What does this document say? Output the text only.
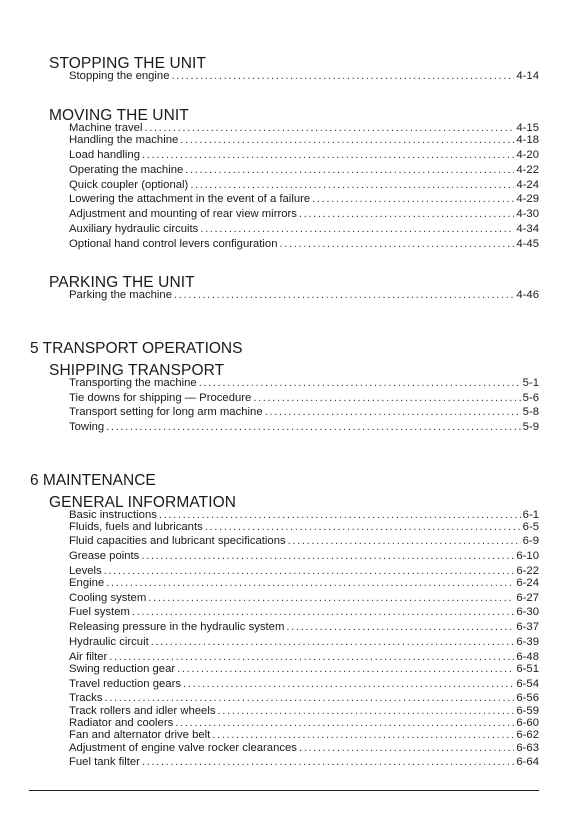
STOPPING THE UNIT
Stopping the engine .....	4-14
MOVING THE UNIT
Machine travel .....	4-15
Handling the machine .....	4-18
Load handling .....	4-20
Operating the machine .....	4-22
Quick coupler (optional) .....	4-24
Lowering the attachment in the event of a failure .....	4-29
Adjustment and mounting of rear view mirrors .....	4-30
Auxiliary hydraulic circuits .....	4-34
Optional hand control levers configuration .....	4-45
PARKING THE UNIT
Parking the machine .....	4-46
5 TRANSPORT OPERATIONS
SHIPPING TRANSPORT
Transporting the machine .....	5-1
Tie downs for shipping — Procedure .....	5-6
Transport setting for long arm machine .....	5-8
Towing .....	5-9
6 MAINTENANCE
GENERAL INFORMATION
Basic instructions .....	6-1
Fluids, fuels and lubricants .....	6-5
Fluid capacities and lubricant specifications .....	6-9
Grease points .....	6-10
Levels .....	6-22
Engine .....	6-24
Cooling system .....	6-27
Fuel system .....	6-30
Releasing pressure in the hydraulic system .....	6-37
Hydraulic circuit .....	6-39
Air filter .....	6-48
Swing reduction gear .....	6-51
Travel reduction gears .....	6-54
Tracks .....	6-56
Track rollers and idler wheels .....	6-59
Radiator and coolers .....	6-60
Fan and alternator drive belt .....	6-62
Adjustment of engine valve rocker clearances .....	6-63
Fuel tank filter .....	6-64
